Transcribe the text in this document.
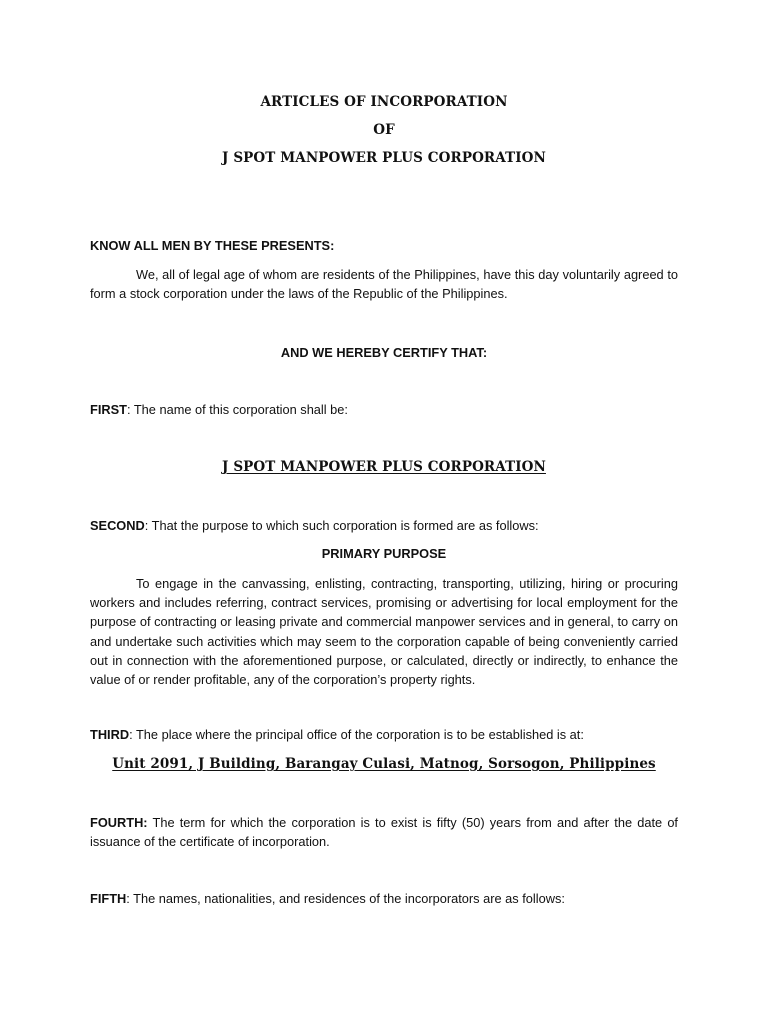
ARTICLES OF INCORPORATION
OF
J SPOT MANPOWER PLUS CORPORATION
KNOW ALL MEN BY THESE PRESENTS:
We, all of legal age of whom are residents of the Philippines, have this day voluntarily agreed to form a stock corporation under the laws of the Republic of the Philippines.
AND WE HEREBY CERTIFY THAT:
FIRST: The name of this corporation shall be:
J SPOT MANPOWER PLUS CORPORATION
SECOND: That the purpose to which such corporation is formed are as follows:
PRIMARY PURPOSE
To engage in the canvassing, enlisting, contracting, transporting, utilizing, hiring or procuring workers and includes referring, contract services, promising or advertising for local employment for the purpose of contracting or leasing private and commercial manpower services and in general, to carry on and undertake such activities which may seem to the corporation capable of being conveniently carried out in connection with the aforementioned purpose, or calculated, directly or indirectly, to enhance the value of or render profitable, any of the corporation’s property rights.
THIRD: The place where the principal office of the corporation is to be established is at:
Unit 2091, J Building, Barangay Culasi, Matnog, Sorsogon, Philippines
FOURTH: The term for which the corporation is to exist is fifty (50) years from and after the date of issuance of the certificate of incorporation.
FIFTH: The names, nationalities, and residences of the incorporators are as follows:
